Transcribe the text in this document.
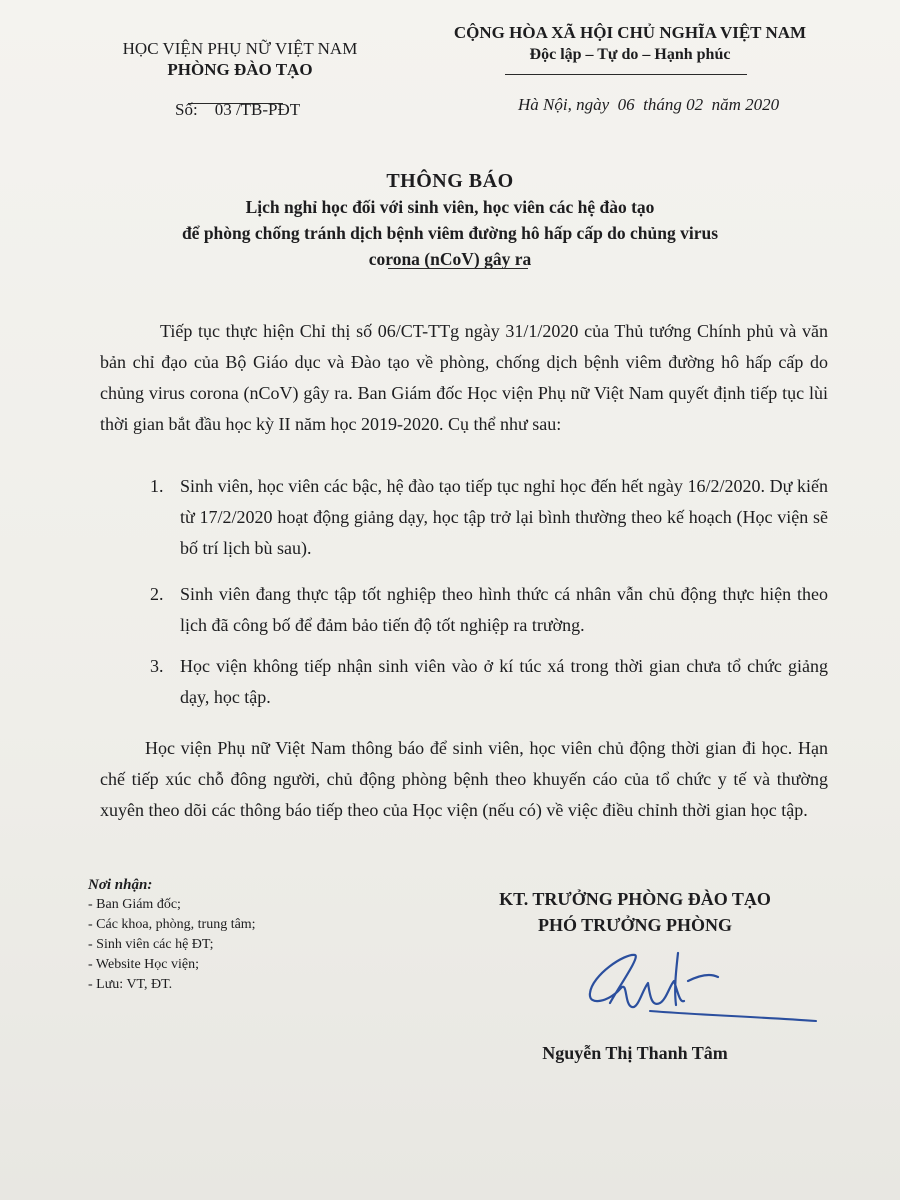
HỌC VIỆN PHỤ NỮ VIỆT NAM
PHÒNG ĐÀO TẠO
Số: 03 /TB-PĐT
CỘNG HÒA XÃ HỘI CHỦ NGHĨA VIỆT NAM
Độc lập – Tự do – Hạnh phúc
Hà Nội, ngày  06  tháng 02  năm 2020
THÔNG BÁO
Lịch nghỉ học đối với sinh viên, học viên các hệ đào tạo
để phòng chống tránh dịch bệnh viêm đường hô hấp cấp do chủng virus
corona (nCoV) gây ra
Tiếp tục thực hiện Chỉ thị số 06/CT-TTg ngày 31/1/2020 của Thủ tướng Chính phủ và văn bản chỉ đạo của Bộ Giáo dục và Đào tạo về phòng, chống dịch bệnh viêm đường hô hấp cấp do chủng virus corona (nCoV) gây ra. Ban Giám đốc Học viện Phụ nữ Việt Nam quyết định tiếp tục lùi thời gian bắt đầu học kỳ II năm học 2019-2020. Cụ thể như sau:
1. Sinh viên, học viên các bậc, hệ đào tạo tiếp tục nghỉ học đến hết ngày 16/2/2020. Dự kiến từ 17/2/2020 hoạt động giảng dạy, học tập trở lại bình thường theo kế hoạch (Học viện sẽ bố trí lịch bù sau).
2. Sinh viên đang thực tập tốt nghiệp theo hình thức cá nhân vẫn chủ động thực hiện theo lịch đã công bố để đảm bảo tiến độ tốt nghiệp ra trường.
3. Học viện không tiếp nhận sinh viên vào ở kí túc xá trong thời gian chưa tổ chức giảng dạy, học tập.
Học viện Phụ nữ Việt Nam thông báo để sinh viên, học viên chủ động thời gian đi học. Hạn chế tiếp xúc chỗ đông người, chủ động phòng bệnh theo khuyến cáo của tổ chức y tế và thường xuyên theo dõi các thông báo tiếp theo của Học viện (nếu có) về việc điều chỉnh thời gian học tập.
Nơi nhận:
- Ban Giám đốc;
- Các khoa, phòng, trung tâm;
- Sinh viên các hệ ĐT;
- Website Học viện;
- Lưu: VT, ĐT.
KT. TRƯỞNG PHÒNG ĐÀO TẠO
PHÓ TRƯỞNG PHÒNG
Nguyễn Thị Thanh Tâm
